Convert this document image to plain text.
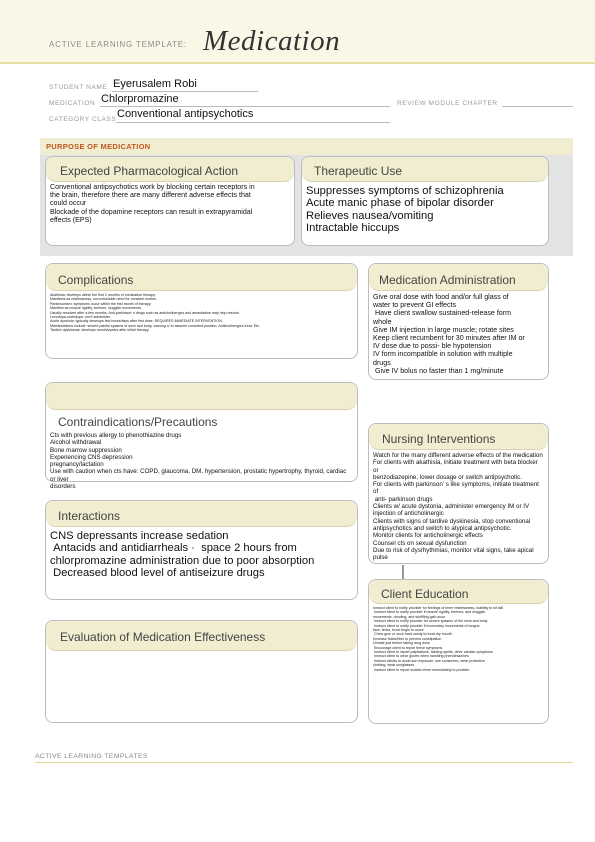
ACTIVE LEARNING TEMPLATE: Medication
STUDENT NAME Eyerusalem Robi
MEDICATION Chlorpromazine	REVIEW MODULE CHAPTER
CATEGORY CLASS Conventional antipsychotics
PURPOSE OF MEDICATION
Expected Pharmacological Action
Conventional antipsychotics work by blocking certain receptors in
the brain, therefore there are many different adverse effects that
could occur
Blockade of the dopamine receptors can result in extrapyramidal
effects (EPS)
Therapeutic Use
Suppresses symptoms of schizophrenia
Acute manic phase of bipolar disorder
Relieves nausea/vomiting
Intractable hiccups
Complications
Akathisia: develops within the first 2 months of medication therapy.
Manifests as restlessness, uncontrollable need for constant motion.
Parkinsonism: symptoms occur within the first month of therapy.
Manifest as muscle rigidity, tremors, sluggish movements.
Usually resolves after a few months. Anti-parkinson' s drugs such as anticholinergics and amantadine may help resolve.
Levodopa-carbidopa: don't administer.
Acute dystonia: typically develops few hours/days after first dose. REQUIRES IMMEDIATE INTERVENTION.
Manifestations include: severe painful spasms of neck and body, causing c/ to assume contorted position. Anticholinergics treat. Etc.
Tardive dyskinesia: develops months/years after initial therapy.
Medication Administration
Give oral dose with food and/or full glass of
water to prevent GI effects
Have client swallow sustained-release form
whole
Give IM injection in large muscle; rotate sites
Keep client recumbent for 30 minutes after IM or
IV dose due to possi- ble hypotension
IV form incompatible in solution with multiple
drugs
Give IV bolus no faster than 1 mg/minute
Contraindications/Precautions
Cts with previous allergy to phenothiazine drugs
Alcohol withdrawal
Bone marrow suppression
Experiencing CNS depression
pregnancy/lactation
Use with caution when cts have: COPD, glaucoma, DM, hypertension, prostatic hypertrophy, thyroid, cardiac or liver
disorders
Nursing Interventions
Watch for the many different adverse effects of the medication
For clients with akathisia, initiate treatment with beta blocker or
benzodiazepine, lower dosage or switch antipsychotic.
For clients with parkinson' s like symptoms, initiate treatment of
anti- parkinson drugs
Clients w/ acute dystonia, administer emergency IM or IV
injection of anticholinergic
Clients with signs of tardive dyskinesia, stop conventional
antipsychotics and switch to atypical antipsychotic.
Monitor clients for anticholinergic effects
Counsel cts on sexual dysfunction
Due to risk of dysrhythmias, monitor vital signs, take apical pulse
Interactions
CNS depressants increase sedation
Antacids and antidiarrheals ·  space 2 hours from
chlorpromazine administration due to poor absorption
Decreased blood level of antiseizure drugs
Client Education
Instruct client to notify provider for feelings of inner restlessness, inability to sit still
Instruct client to notify provider if muscle rigidity, tremors, and sluggish
movements, drooling, and shuffling gait occur
Instruct client to notify provider for severe spasms of the neck and body
Instruct client to notify provider if involuntary movements of tongue,
face, limbs, trunk begin to occur
Chew gum or suck hard candy to treat dry mouth
Increase fluids/fiber to prevent constipation
Urinate just before taking drug dose
Encourage client to report these symptoms
Instruct client to report palpitations, fainting spells, other cardiac symptoms
Instruct client to wear gloves when handling phenothiazines
Instruct clients to avoid sun exposure, use sunscreen, wear protective
clothing, wear sunglasses
Instruct client to report sudden fever immediately to provider
Evaluation of Medication Effectiveness
ACTIVE LEARNING TEMPLATES
